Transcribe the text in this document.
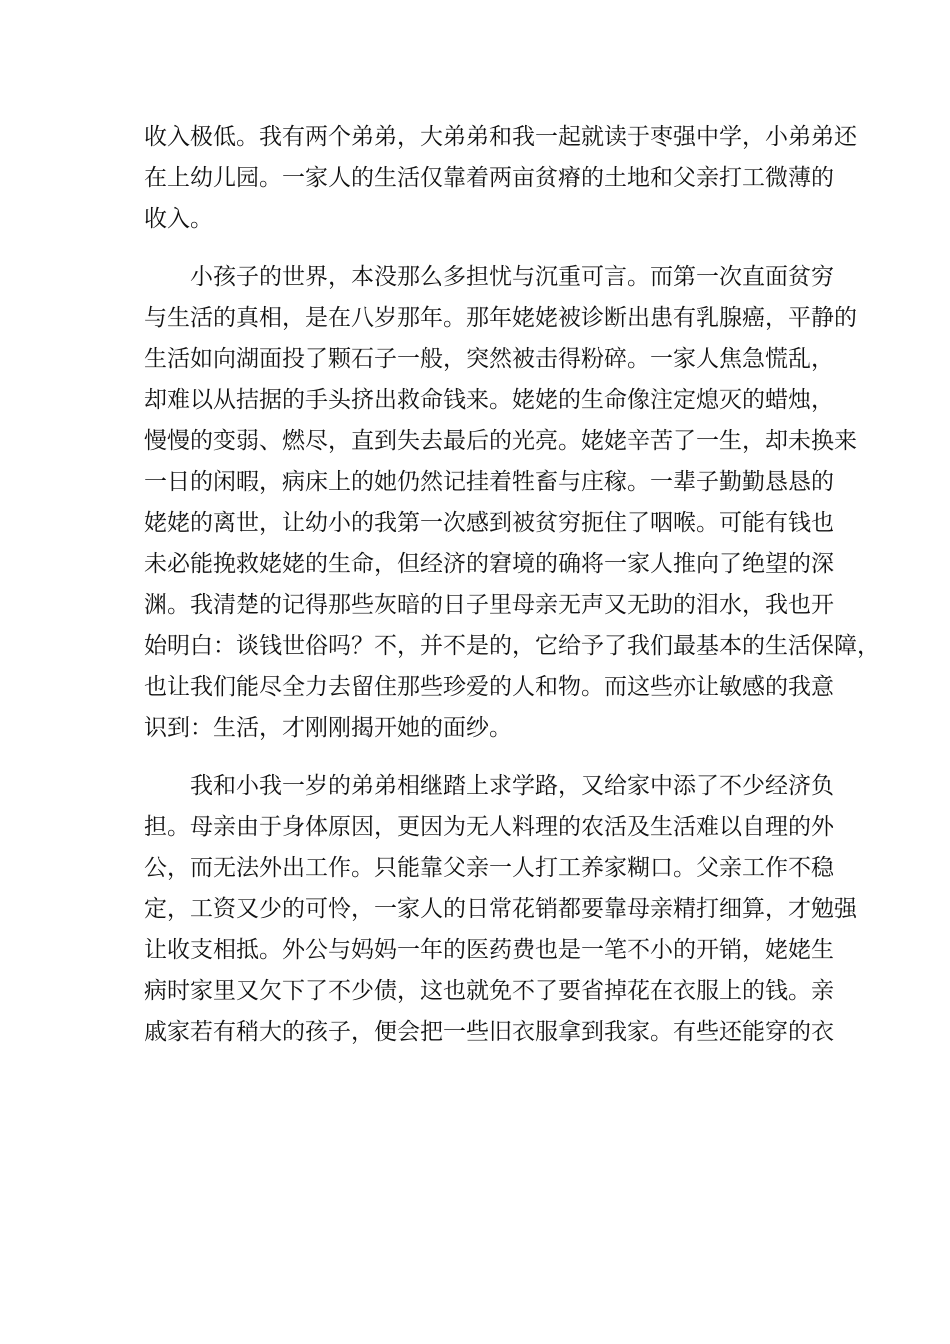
收入极低。我有两个弟弟，大弟弟和我一起就读于枣强中学，小弟弟还
在上幼儿园。一家人的生活仅靠着两亩贫瘠的土地和父亲打工微薄的
收入。
小孩子的世界，本没那么多担忧与沉重可言。而第一次直面贫穷
与生活的真相，是在八岁那年。那年姥姥被诊断出患有乳腺癌，平静的
生活如向湖面投了颗石子一般，突然被击得粉碎。一家人焦急慌乱，
却难以从拮据的手头挤出救命钱来。姥姥的生命像注定熄灭的蜡烛，
慢慢的变弱、燃尽，直到失去最后的光亮。姥姥辛苦了一生，却未换来
一日的闲暇，病床上的她仍然记挂着牲畜与庄稼。一辈子勤勤恳恳的
姥姥的离世，让幼小的我第一次感到被贫穷扼住了咽喉。可能有钱也
未必能挽救姥姥的生命，但经济的窘境的确将一家人推向了绝望的深
渊。我清楚的记得那些灰暗的日子里母亲无声又无助的泪水，我也开
始明白：谈钱世俗吗？不，并不是的，它给予了我们最基本的生活保障，
也让我们能尽全力去留住那些珍爱的人和物。而这些亦让敏感的我意
识到：生活，才刚刚揭开她的面纱。
我和小我一岁的弟弟相继踏上求学路，又给家中添了不少经济负
担。母亲由于身体原因，更因为无人料理的农活及生活难以自理的外
公，而无法外出工作。只能靠父亲一人打工养家糊口。父亲工作不稳
定，工资又少的可怜，一家人的日常花销都要靠母亲精打细算，才勉强
让收支相抵。外公与妈妈一年的医药费也是一笔不小的开销，姥姥生
病时家里又欠下了不少债，这也就免不了要省掉花在衣服上的钱。亲
戚家若有稍大的孩子，便会把一些旧衣服拿到我家。有些还能穿的衣
